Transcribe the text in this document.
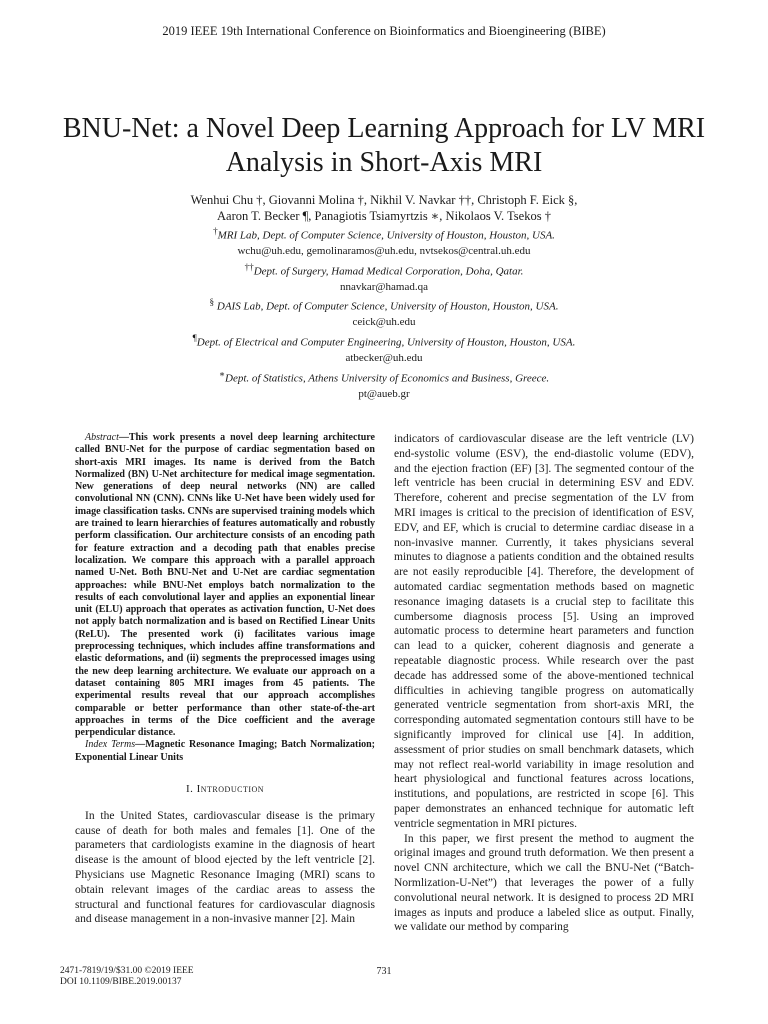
2019 IEEE 19th International Conference on Bioinformatics and Bioengineering (BIBE)
BNU-Net: a Novel Deep Learning Approach for LV MRI Analysis in Short-Axis MRI
Wenhui Chu †, Giovanni Molina †, Nikhil V. Navkar ††, Christoph F. Eick §,
Aaron T. Becker ¶, Panagiotis Tsiamyrtzis ∗, Nikolaos V. Tsekos †
†MRI Lab, Dept. of Computer Science, University of Houston, Houston, USA.
wchu@uh.edu, gemolinaramos@uh.edu, nvtsekos@central.uh.edu
††Dept. of Surgery, Hamad Medical Corporation, Doha, Qatar.
nnavkar@hamad.qa
§ DAIS Lab, Dept. of Computer Science, University of Houston, Houston, USA.
ceick@uh.edu
¶Dept. of Electrical and Computer Engineering, University of Houston, Houston, USA.
atbecker@uh.edu
∗Dept. of Statistics, Athens University of Economics and Business, Greece.
pt@aueb.gr

Abstract—This work presents a novel deep learning architecture called BNU-Net for the purpose of cardiac segmentation based on short-axis MRI images. Its name is derived from the Batch Normalized (BN) U-Net architecture for medical image segmentation. New generations of deep neural networks (NN) are called convolutional NN (CNN). CNNs like U-Net have been widely used for image classification tasks. CNNs are supervised training models which are trained to learn hierarchies of features automatically and robustly perform classification. Our architecture consists of an encoding path for feature extraction and a decoding path that enables precise localization. We compare this approach with a parallel approach named U-Net. Both BNU-Net and U-Net are cardiac segmentation approaches: while BNU-Net employs batch normalization to the results of each convolutional layer and applies an exponential linear unit (ELU) approach that operates as activation function, U-Net does not apply batch normalization and is based on Rectified Linear Units (ReLU). The presented work (i) facilitates various image preprocessing techniques, which includes affine transformations and elastic deformations, and (ii) segments the preprocessed images using the new deep learning architecture. We evaluate our approach on a dataset containing 805 MRI images from 45 patients. The experimental results reveal that our approach accomplishes comparable or better performance than other state-of-the-art approaches in terms of the Dice coefficient and the average perpendicular distance.

Index Terms—Magnetic Resonance Imaging; Batch Normalization; Exponential Linear Units

I. Introduction

In the United States, cardiovascular disease is the primary cause of death for both males and females [1]. One of the parameters that cardiologists examine in the diagnosis of heart disease is the amount of blood ejected by the left ventricle [2]. Physicians use Magnetic Resonance Imaging (MRI) scans to obtain relevant images of the cardiac areas to assess the structural and functional features for cardiovascular diagnosis and disease management in a non-invasive manner [2]. Main

indicators of cardiovascular disease are the left ventricle (LV) end-systolic volume (ESV), the end-diastolic volume (EDV), and the ejection fraction (EF) [3]. The segmented contour of the left ventricle has been crucial in determining ESV and EDV. Therefore, coherent and precise segmentation of the LV from MRI images is critical to the precision of identification of ESV, EDV, and EF, which is crucial to determine cardiac disease in a non-invasive manner. Currently, it takes physicians several minutes to diagnose a patients condition and the obtained results are not easily reproducible [4]. Therefore, the development of automated cardiac segmentation methods based on magnetic resonance imaging datasets is a crucial step to facilitate this cumbersome diagnosis process [5]. Using an improved automatic process to determine heart parameters and function can lead to a quicker, coherent diagnosis and generate a repeatable diagnostic process. While research over the past decade has addressed some of the above-mentioned technical difficulties in achieving tangible progress on automatically generated ventricle segmentation from short-axis MRI, the corresponding automated segmentation contours still have to be significantly improved for clinical use [4]. In addition, assessment of prior studies on small benchmark datasets, which may not reflect real-world variability in image resolution and heart physiological and functional features across locations, institutions, and populations, are restricted in scope [6]. This paper demonstrates an enhanced technique for automatic left ventricle segmentation in MRI pictures.

In this paper, we first present the method to augment the original images and ground truth deformation. We then present a novel CNN architecture, which we call the BNU-Net (“Batch-Normlization-U-Net”) that leverages the power of a fully convolutional neural network. It is designed to process 2D MRI images as inputs and produce a labeled slice as output. Finally, we validate our method by comparing

2471-7819/19/$31.00 ©2019 IEEE
DOI 10.1109/BIBE.2019.00137
731
